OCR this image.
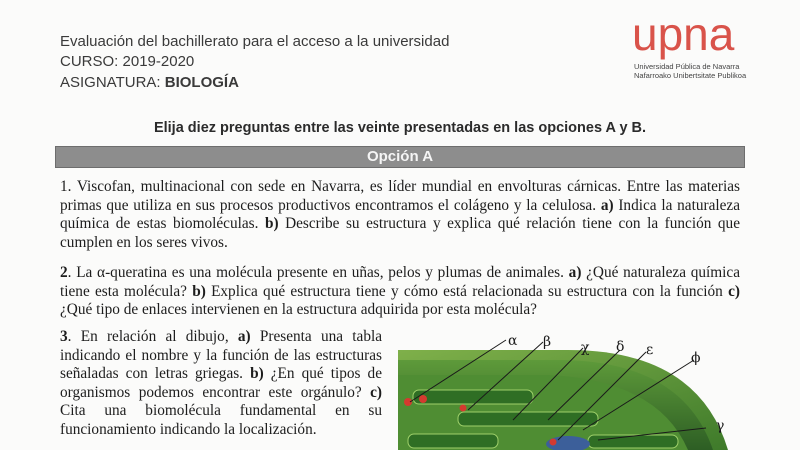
Evaluación del bachillerato para el acceso a la universidad
CURSO: 2019-2020
ASIGNATURA: BIOLOGÍA
upna
Universidad Pública de Navarra
Nafarroako Unibertsitate Publikoa
Elija diez preguntas entre las veinte presentadas en las opciones A y B.
Opción A
1. Viscofan, multinacional con sede en Navarra, es líder mundial en envolturas cárnicas. Entre las materias primas que utiliza en sus procesos productivos encontramos el colágeno y la celulosa. a) Indica la naturaleza química de estas biomoléculas. b) Describe su estructura y explica qué relación tiene con la función que cumplen en los seres vivos.
2. La α-queratina es una molécula presente en uñas, pelos y plumas de animales. a) ¿Qué naturaleza química tiene esta molécula? b) Explica qué estructura tiene y cómo está relacionada su estructura con la función c) ¿Qué tipo de enlaces intervienen en la estructura adquirida por esta molécula?
3. En relación al dibujo, a) Presenta una tabla indicando el nombre y la función de las estructuras señaladas con letras griegas. b) ¿En qué tipos de organismos podemos encontrar este orgánulo? c) Cita una biomolécula fundamental en su funcionamiento indicando la localización.
α β χ δ ε	ϕ
γ
